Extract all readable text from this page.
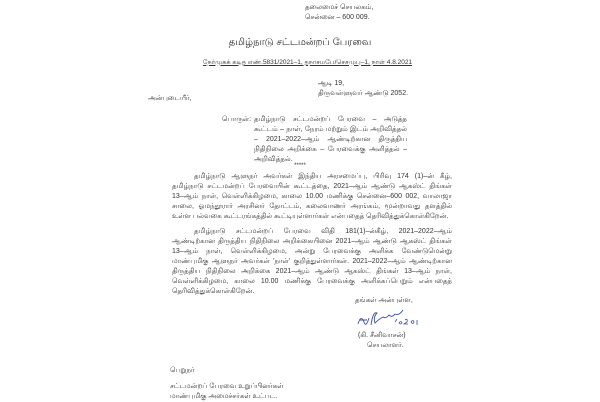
தலைமைச் செயலகம்,
சென்னை – 600 009.
தமிழ்நாடு சட்டமன்றப் பேரவை
நேர்முகக் கடித எண்.5831/2021–1, தநாசமபே/செசமுபு–1, நாள் 4.8.2021
ஆடி 19,
திருவள்ளுவர் ஆண்டு 2052.
அன்புடையீர்,
பொருள்: தமிழ்நாடு சட்டமன்றப் பேரவை – அடுத்த கூட்டம் – நாள், நேரம் மற்றும் இடம் அறிவித்தல் – 2021–2022–ஆம் ஆண்டிற்கான திருத்திய நிதிநிலை அறிக்கை – பேரவைக்கு அளித்தல் – அறிவித்தல்.
*****
தமிழ்நாடு ஆளுநர் அவர்கள் இந்திய அரசமைப்பு, பிரிவு 174 (1)–ன் கீழ், தமிழ்நாடு சட்டமன்றப் பேரவையின் கூட்டத்தை, 2021–ஆம் ஆண்டு ஆகஸ்ட் திங்கள் 13–ஆம் நாள், வெள்ளிக்கிழமை, காலை 10.00 மணிக்கு சென்னை–600 002, வாலாஜா சாலை, ஓமந்தூரார் அரசினர் தோட்டம், கலைவாணர் அரங்கம், மூன்றாவது தளத்தில் உள்ள பல்வகை கூட்டரங்கத்தில் கூட்டியுள்ளார்கள் என்பதைத் தெரிவித்துக்கொள்கிறேன்.
தமிழ்நாடு சட்டமன்றப் பேரவை விதி 181(1)–ன்கீழ், 2021–2022–ஆம் ஆண்டிற்கான திருத்திய நிதிநிலை அறிக்கையினை 2021–ஆம் ஆண்டு ஆகஸ்ட் திங்கள் 13–ஆம் நாள், வெள்ளிக்கிழமை, அன்று பேரவைக்கு அளிக்க வேண்டுமென்று மாண்புமிகு ஆளுநர் அவர்கள் 'நாள்' குறித்துள்ளார்கள். 2021–2022–ஆம் ஆண்டிற்கான திருத்திய நிதிநிலை அறிக்கை 2021–ஆம் ஆண்டு ஆகஸ்ட் திங்கள் 13–ஆம் நாள், வெள்ளிக்கிழமை, காலை 10.00 மணிக்கு பேரவைக்கு அளிக்கப்பெறும் என்பதைத் தெரிவித்துக்கொள்கிறேன்.
தங்கள் அன்புள்ள,
(கி. சீனிவாசன்)
செயலாளர்.
பெறுநர்
சட்டமன்றப் பேரவை உறுப்பினர்கள்
மாண்புமிகு அமைச்சர்கள் உட்பட.
